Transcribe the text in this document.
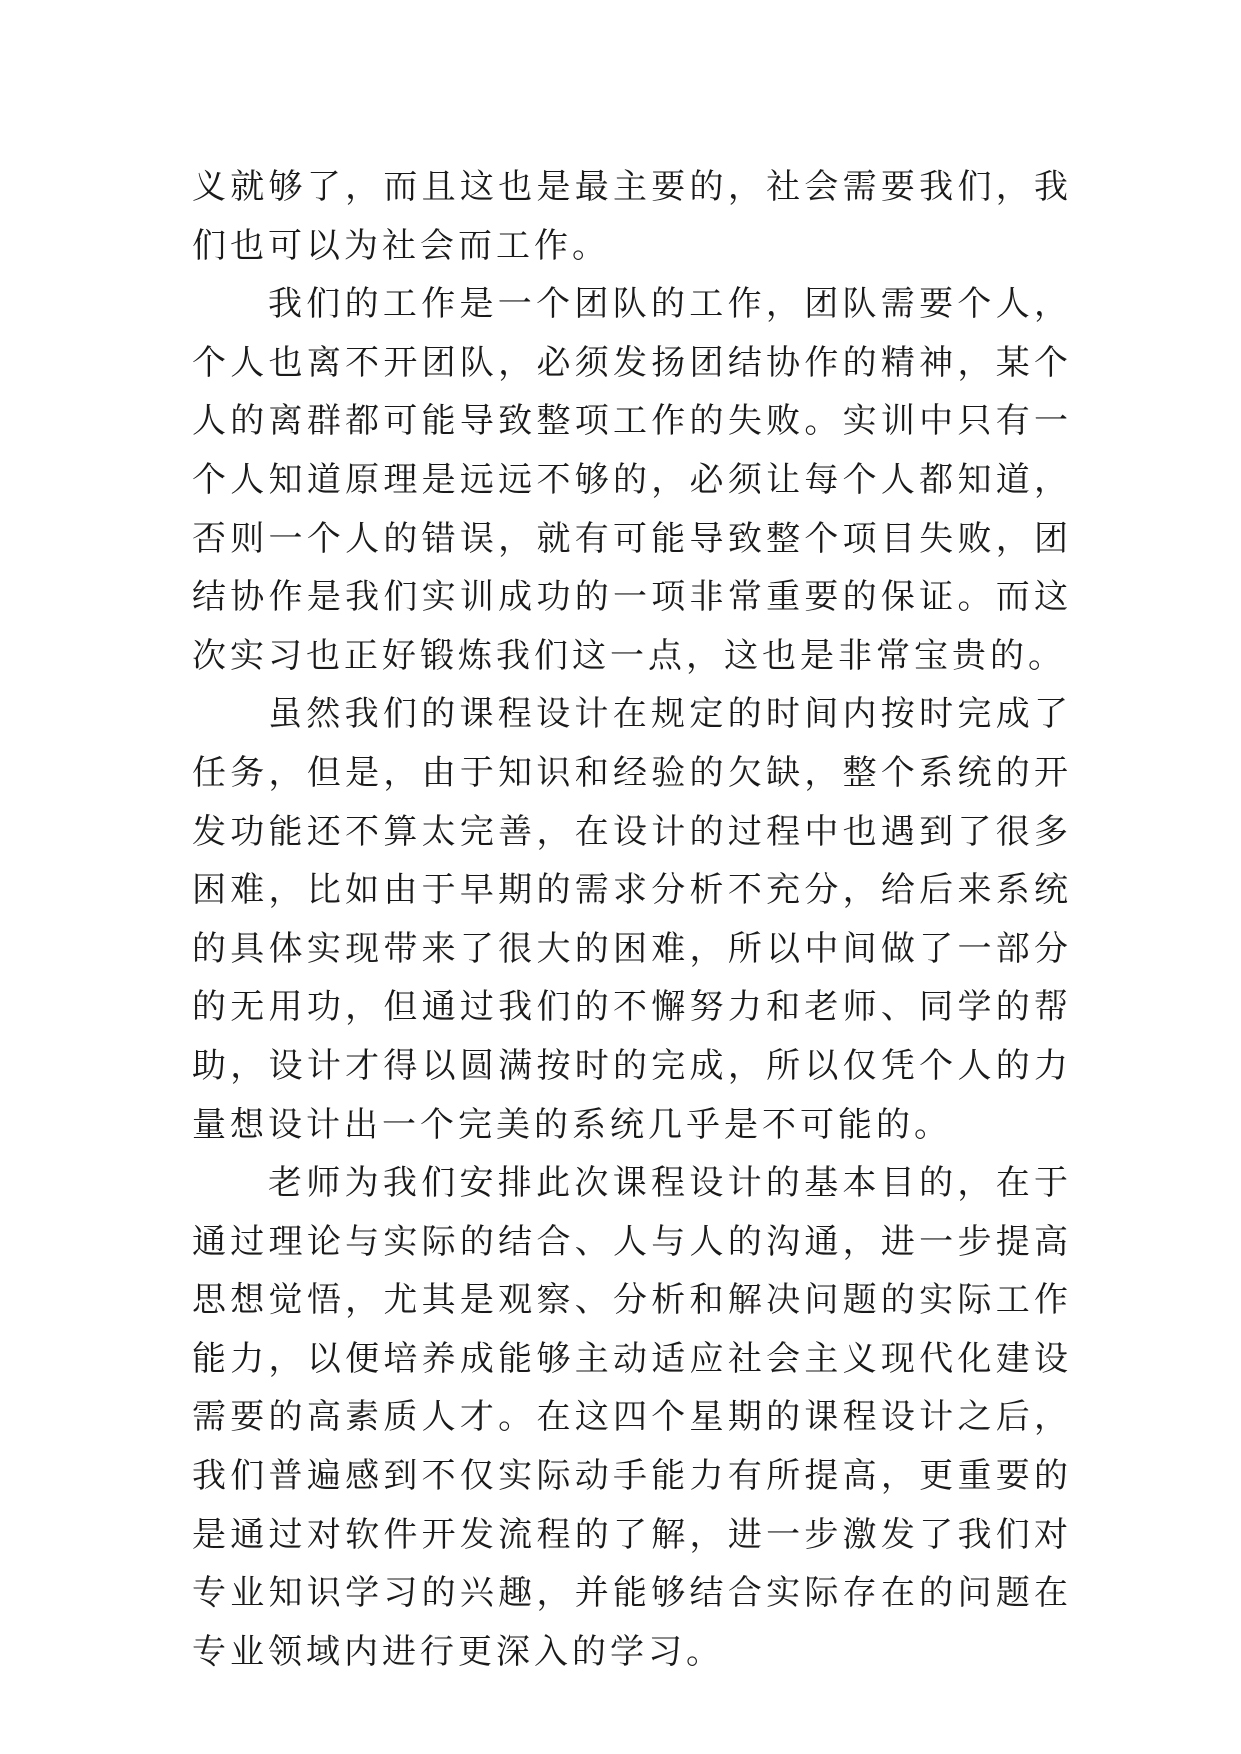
义就够了，而且这也是最主要的，社会需要我们，我们也可以为社会而工作。

我们的工作是一个团队的工作，团队需要个人，个人也离不开团队，必须发扬团结协作的精神，某个人的离群都可能导致整项工作的失败。实训中只有一个人知道原理是远远不够的，必须让每个人都知道，否则一个人的错误，就有可能导致整个项目失败，团结协作是我们实训成功的一项非常重要的保证。而这次实习也正好锻炼我们这一点，这也是非常宝贵的。

虽然我们的课程设计在规定的时间内按时完成了任务，但是，由于知识和经验的欠缺，整个系统的开发功能还不算太完善，在设计的过程中也遇到了很多困难，比如由于早期的需求分析不充分，给后来系统的具体实现带来了很大的困难，所以中间做了一部分的无用功，但通过我们的不懈努力和老师、同学的帮助，设计才得以圆满按时的完成，所以仅凭个人的力量想设计出一个完美的系统几乎是不可能的。

老师为我们安排此次课程设计的基本目的，在于通过理论与实际的结合、人与人的沟通，进一步提高思想觉悟，尤其是观察、分析和解决问题的实际工作能力，以便培养成能够主动适应社会主义现代化建设需要的高素质人才。在这四个星期的课程设计之后，我们普遍感到不仅实际动手能力有所提高，更重要的是通过对软件开发流程的了解，进一步激发了我们对专业知识学习的兴趣，并能够结合实际存在的问题在专业领域内进行更深入的学习。
